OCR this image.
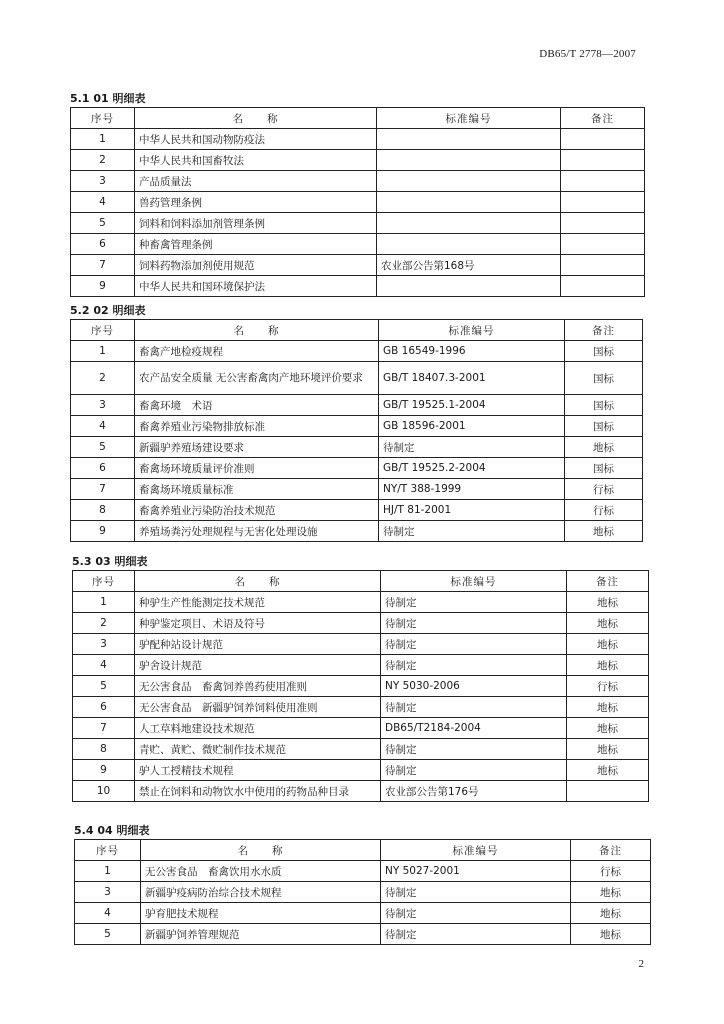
DB65/T 2778—2007
5.1 01 明细表
序号	名　　称	标准编号	备注
1	中华人民共和国动物防疫法		
2	中华人民共和国畜牧法		
3	产品质量法		
4	兽药管理条例		
5	饲料和饲料添加剂管理条例		
6	种畜禽管理条例		
7	饲料药物添加剂使用规范	农业部公告第168号	
9	中华人民共和国环境保护法		
5.2 02 明细表
序号	名　　称	标准编号	备注
1	畜禽产地检疫规程	GB 16549-1996	国标
2	农产品安全质量 无公害畜禽肉产地环境评价要求	GB/T 18407.3-2001	国标
3	畜禽环境　术语	GB/T 19525.1-2004	国标
4	畜禽养殖业污染物排放标准	GB 18596-2001	国标
5	新疆驴养殖场建设要求	待制定	地标
6	畜禽场环境质量评价准则	GB/T 19525.2-2004	国标
7	畜禽场环境质量标准	NY/T 388-1999	行标
8	畜禽养殖业污染防治技术规范	HJ/T 81-2001	行标
9	养殖场粪污处理规程与无害化处理设施	待制定	地标
5.3 03 明细表
序号	名　　称	标准编号	备注
1	种驴生产性能测定技术规范	待制定	地标
2	种驴鉴定项目、术语及符号	待制定	地标
3	驴配种站设计规范	待制定	地标
4	驴舍设计规范	待制定	地标
5	无公害食品　畜禽饲养兽药使用准则	NY 5030-2006	行标
6	无公害食品　新疆驴饲养饲料使用准则	待制定	地标
7	人工草料地建设技术规范	DB65/T2184-2004	地标
8	青贮、黄贮、微贮制作技术规范	待制定	地标
9	驴人工授精技术规程	待制定	地标
10	禁止在饲料和动物饮水中使用的药物品种目录	农业部公告第176号	
5.4 04 明细表
序号	名　　称	标准编号	备注
1	无公害食品　畜禽饮用水水质	NY 5027-2001	行标
3	新疆驴疫病防治综合技术规程	待制定	地标
4	驴育肥技术规程	待制定	地标
5	新疆驴饲养管理规范	待制定	地标
2
